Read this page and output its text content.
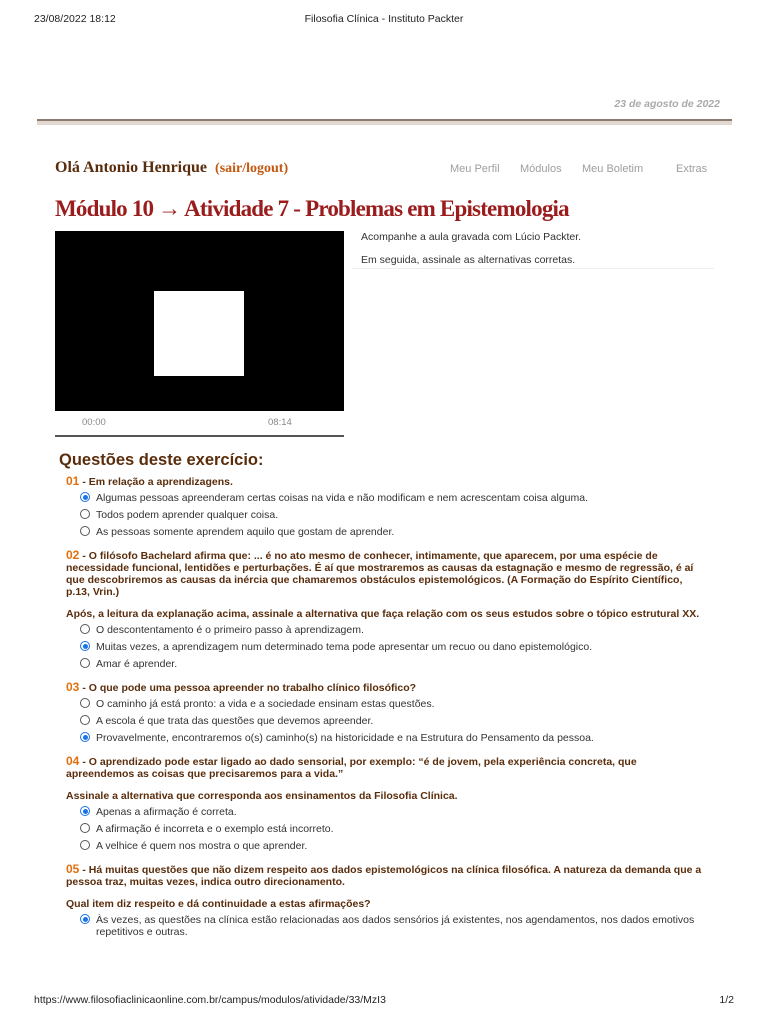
23/08/2022 18:12	Filosofia Clínica - Instituto Packter
23 de agosto de 2022
Olá Antonio Henrique (sair/logout)	Meu Perfil Módulos Meu Boletim	Extras
Módulo 10 → Atividade 7 - Problemas em Epistemologia
00:00	08:14

Acompanhe a aula gravada com Lúcio Packter.

Em seguida, assinale as alternativas corretas.

Questões deste exercício:

01 - Em relação a aprendizagens.

Algumas pessoas apreenderam certas coisas na vida e não modificam e nem acrescentam coisa alguma.
Todos podem aprender qualquer coisa.
As pessoas somente aprendem aquilo que gostam de aprender.

02 - O filósofo Bachelard afirma que: ... é no ato mesmo de conhecer, intimamente, que aparecem, por uma espécie de necessidade funcional, lentidões e perturbações. É aí que mostraremos as causas da estagnação e mesmo de regressão, é aí que descobriremos as causas da inércia que chamaremos obstáculos epistemológicos. (A Formação do Espírito Científico, p.13, Vrin.)

Após, a leitura da explanação acima, assinale a alternativa que faça relação com os seus estudos sobre o tópico estrutural XX.

O descontentamento é o primeiro passo à aprendizagem.
Muitas vezes, a aprendizagem num determinado tema pode apresentar um recuo ou dano epistemológico.
Amar é aprender.

03 - O que pode uma pessoa apreender no trabalho clínico filosófico?

O caminho já está pronto: a vida e a sociedade ensinam estas questões.
A escola é que trata das questões que devemos apreender.
Provavelmente, encontraremos o(s) caminho(s) na historicidade e na Estrutura do Pensamento da pessoa.

04 - O aprendizado pode estar ligado ao dado sensorial, por exemplo: “é de jovem, pela experiência concreta, que apreendemos as coisas que precisaremos para a vida.”

Assinale a alternativa que corresponda aos ensinamentos da Filosofia Clínica.

Apenas a afirmação é correta.
A afirmação é incorreta e o exemplo está incorreto.
A velhice é quem nos mostra o que aprender.

05 - Há muitas questões que não dizem respeito aos dados epistemológicos na clínica filosófica. A natureza da demanda que a pessoa traz, muitas vezes, indica outro direcionamento.

Qual item diz respeito e dá continuidade a estas afirmações?

Às vezes, as questões na clínica estão relacionadas aos dados sensórios já existentes, nos agendamentos, nos dados emotivos repetitivos e outras.
https://www.filosofiaclinicaonline.com.br/campus/modulos/atividade/33/MzI3	1/2
